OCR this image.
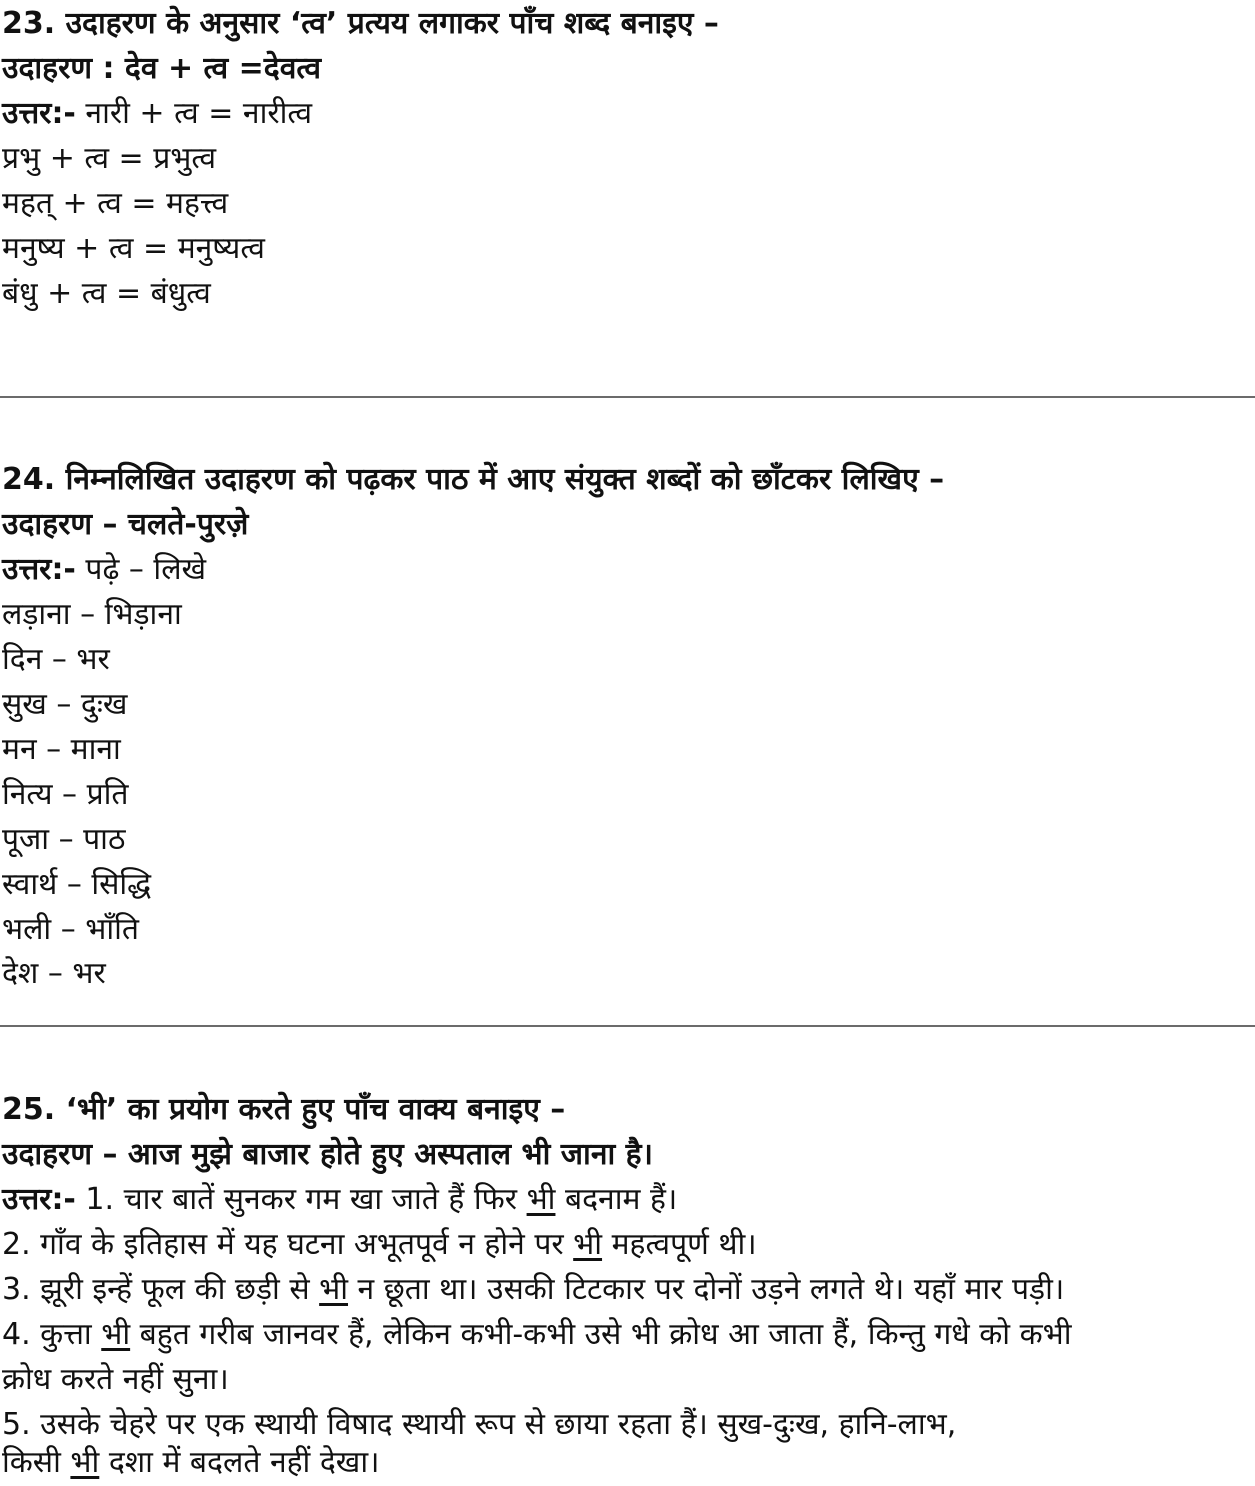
23. उदाहरण के अनुसार ‘त्व’ प्रत्यय लगाकर पाँच शब्द बनाइए –
उदाहरण : देव + त्व =देवत्व
उत्तर:- नारी + त्व = नारीत्व
प्रभु + त्व = प्रभुत्व
महत् + त्व = महत्त्व
मनुष्य + त्व = मनुष्यत्व
बंधु + त्व = बंधुत्व
24. निम्नलिखित उदाहरण को पढ़कर पाठ में आए संयुक्त शब्दों को छाँटकर लिखिए –
उदाहरण – चलते-पुरज़े
उत्तर:- पढ़े – लिखे
लड़ाना – भिड़ाना
दिन – भर
सुख – दुःख
मन – माना
नित्य – प्रति
पूजा – पाठ
स्वार्थ – सिद्धि
भली – भाँति
देश – भर
25. ‘भी’ का प्रयोग करते हुए पाँच वाक्य बनाइए –
उदाहरण – आज मुझे बाजार होते हुए अस्पताल भी जाना है।
उत्तर:- 1. चार बातें सुनकर गम खा जाते हैं फिर भी बदनाम हैं।
2. गाँव के इतिहास में यह घटना अभूतपूर्व न होने पर भी महत्वपूर्ण थी।
3. झूरी इन्हें फूल की छड़ी से भी न छूता था। उसकी टिटकार पर दोनों उड़ने लगते थे। यहाँ मार पड़ी।
4. कुत्ता भी बहुत गरीब जानवर हैं, लेकिन कभी-कभी उसे भी क्रोध आ जाता हैं, किन्तु गधे को कभी
क्रोध करते नहीं सुना।
5. उसके चेहरे पर एक स्थायी विषाद स्थायी रूप से छाया रहता हैं। सुख-दुःख, हानि-लाभ,
किसी भी दशा में बदलते नहीं देखा।
